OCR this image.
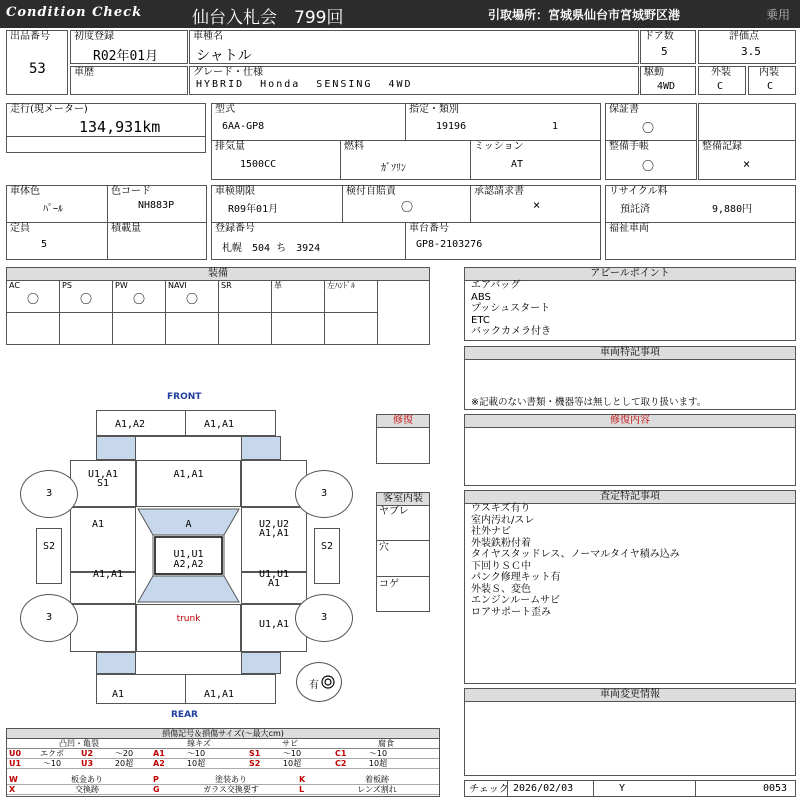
Condition Check	仙台入札会　799回	引取場所：宮城県仙台市宮城野区港	乗用
出品番号
53
初度登録
R02年01月
車歴
車種名
シャトル
グレード・仕様
HYBRID  Honda  SENSING  4WD
ドア数
5
評価点
3.5
駆動
4WD
外装
C
内装
C
走行(現メーター)
134,931km
型式
6AA-GP8
指定・類別
19196	1
保証書
〇
排気量
1500CC
燃料
ｶﾞｿﾘﾝ
ミッション
AT
整備手帳
〇
整備記録
×
車体色
ﾊﾟｰﾙ
色コード
NH883P
車検期限
R09年01月
検付自賠責
〇
承認請求書
×
リサイクル料
預託済	9,880円
定員
5
積載量	登録番号
札幌　504 ち　3924
車台番号
GP8-2103276
福祉車両
装備
AC
〇
PS
〇
PW
〇
NAVI
〇
SR	革	左ﾊﾝﾄﾞﾙ
アピールポイント
エアバッグ
ABS
プッシュスタート
ETC
バックカメラ付き
車両特記事項
※記載のない書類・機器等は無しとして取り扱います。
修復内容
査定特記事項
ウスキズ有り
室内汚れ/スレ
社外ナビ
外装鉄粉付着
タイヤスタッドレス、ノーマルタイヤ積み込み
下回りＳＣ中
パンク修理キット有
外装Ｓ、変色
エンジンルームサビ
ロアサポート歪み
車両変更情報
チェック 2026/02/03	Y	0053
修復
客室内装
ヤブレ
穴
コゲ
FRONT
REAR
S2	S2
3	3
3	3
有
A1,A2	A1,A1
U1,A1
S1
A1,A1
A1	A	U2,U2
A1,A1
U1,U1
A2,A2
A1,A1	U1,U1
A1
U1,A1
trunk
A1	A1,A1
損傷記号＆損傷サイズ(～最大cm)
凸凹・亀裂	線キズ	サビ	腐食
U0	エクボ	U2	～20	A1	～10	S1	～10	C1	～10
U1	～10	U3	20超	A2	10超	S2	10超	C2	10超
W	板金あり	P	塗装あり	K	着板跡
X	交換跡	G	ガラス交換要す	L	レンズ割れ
